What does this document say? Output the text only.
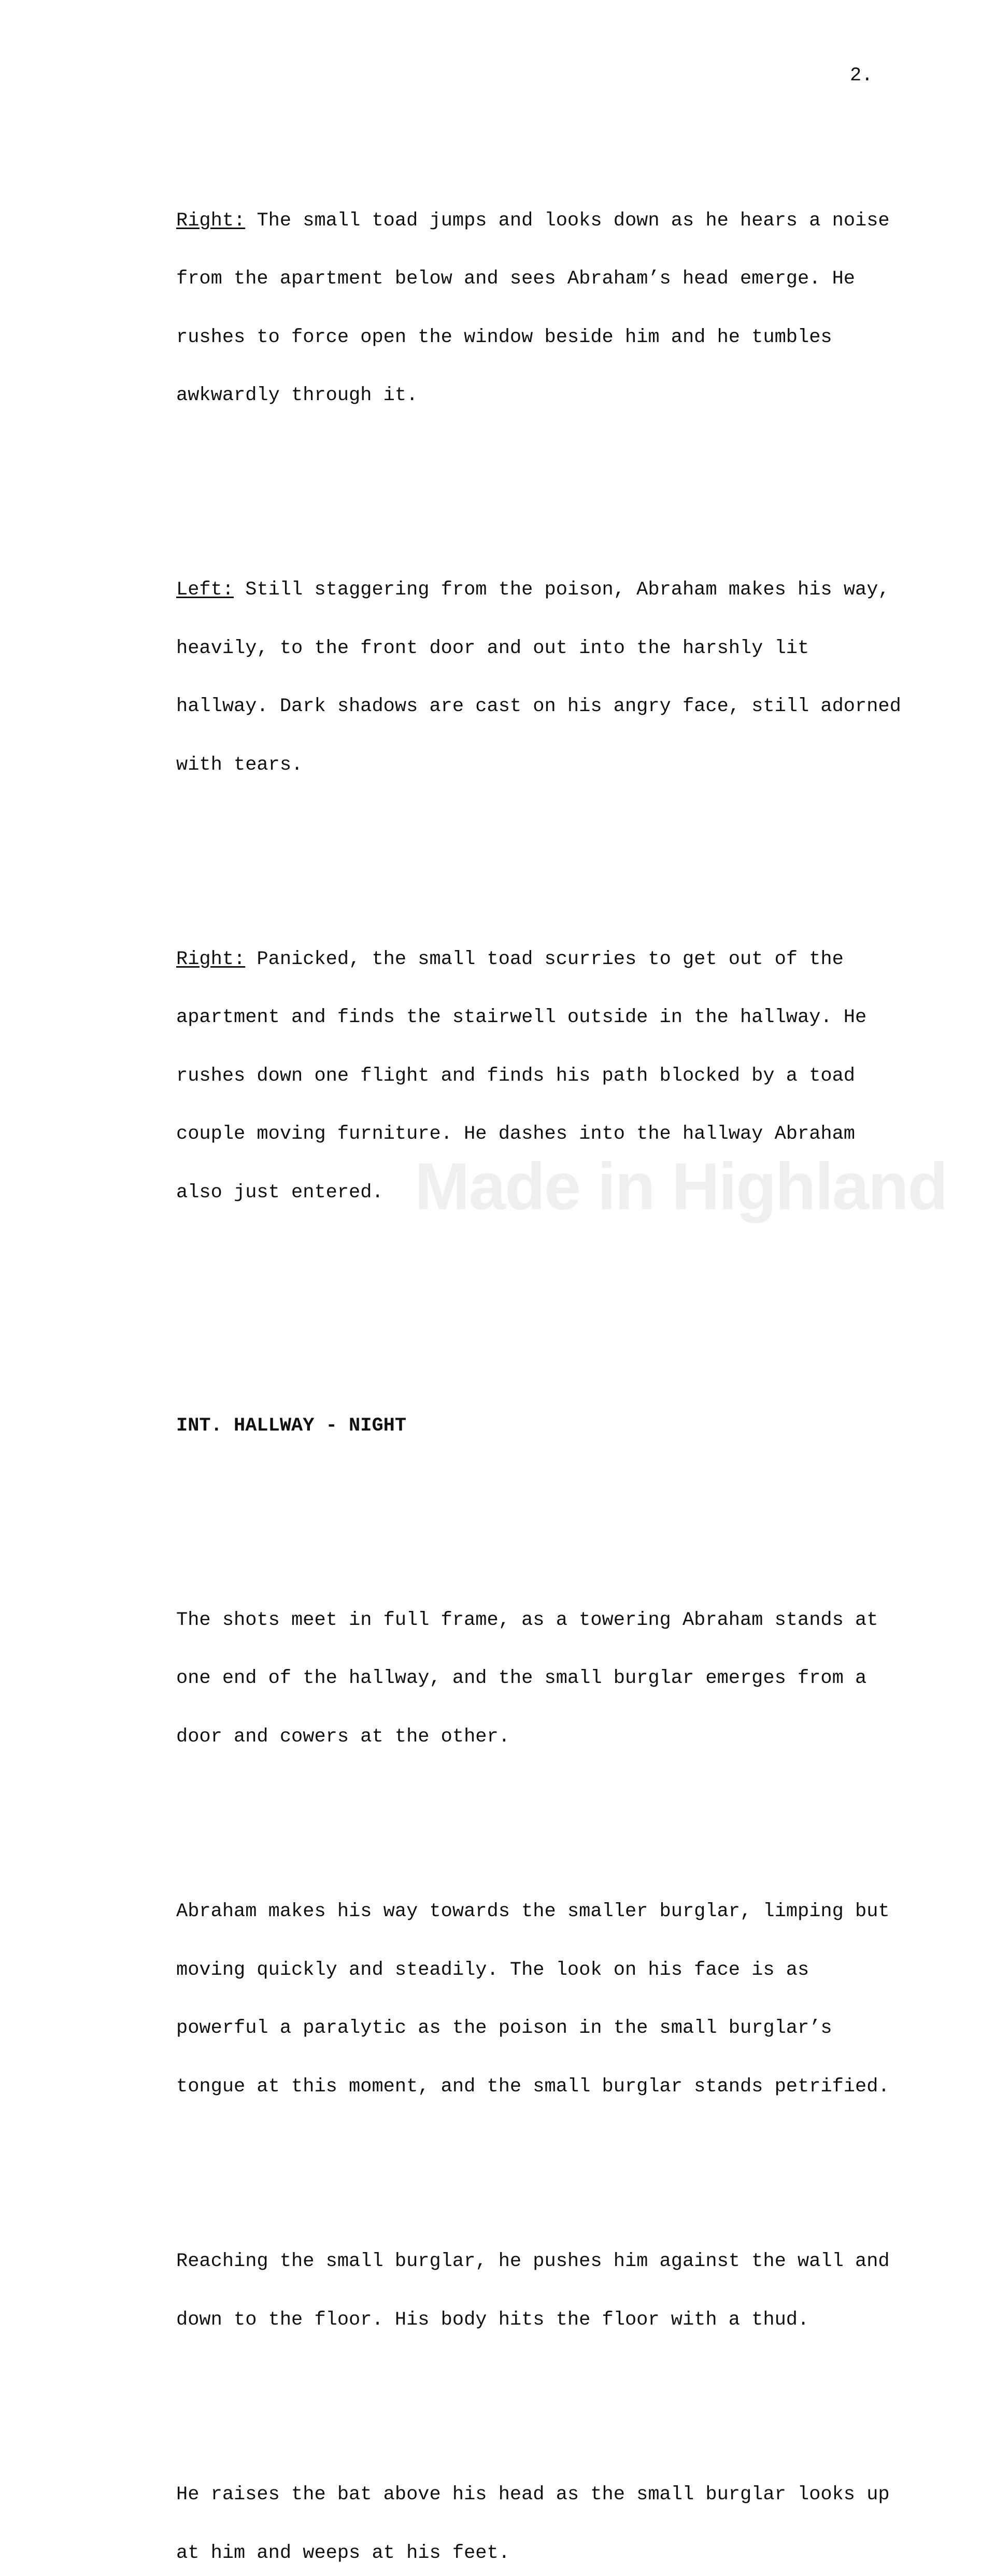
2.

Right: The small toad jumps and looks down as he hears a noise

from the apartment below and sees Abraham’s head emerge. He

rushes to force open the window beside him and he tumbles

awkwardly through it.

Left: Still staggering from the poison, Abraham makes his way,

heavily, to the front door and out into the harshly lit

hallway. Dark shadows are cast on his angry face, still adorned

with tears.

Right: Panicked, the small toad scurries to get out of the

apartment and finds the stairwell outside in the hallway. He

rushes down one flight and finds his path blocked by a toad

couple moving furniture. He dashes into the hallway Abraham

also just entered.

INT. HALLWAY - NIGHT

The shots meet in full frame, as a towering Abraham stands at

one end of the hallway, and the small burglar emerges from a

door and cowers at the other.

Abraham makes his way towards the smaller burglar, limping but

moving quickly and steadily. The look on his face is as

powerful a paralytic as the poison in the small burglar’s

tongue at this moment, and the small burglar stands petrified.

Reaching the small burglar, he pushes him against the wall and

down to the floor. His body hits the floor with a thud.

He raises the bat above his head as the small burglar looks up

at him and weeps at his feet.

Made in Highland
